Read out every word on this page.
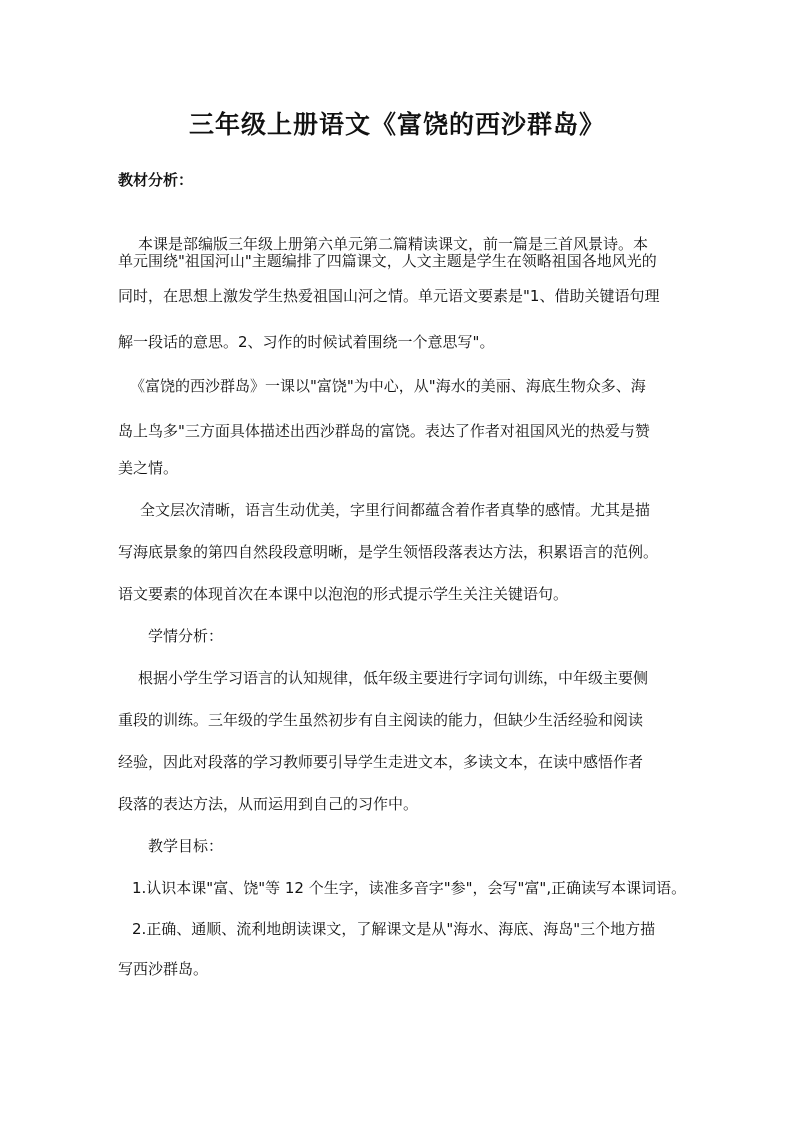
三年级上册语文《富饶的西沙群岛》

教材分析：

本课是部编版三年级上册第六单元第二篇精读课文，前一篇是三首风景诗。本

单元围绕"祖国河山"主题编排了四篇课文，人文主题是学生在领略祖国各地风光的

同时，在思想上激发学生热爱祖国山河之情。单元语文要素是"1、借助关键语句理

解一段话的意思。2、习作的时候试着围绕一个意思写"。

《富饶的西沙群岛》一课以"富饶"为中心，从"海水的美丽、海底生物众多、海

岛上鸟多"三方面具体描述出西沙群岛的富饶。表达了作者对祖国风光的热爱与赞

美之情。

全文层次清晰，语言生动优美，字里行间都蕴含着作者真挚的感情。尤其是描

写海底景象的第四自然段段意明晰，是学生领悟段落表达方法，积累语言的范例。

语文要素的体现首次在本课中以泡泡的形式提示学生关注关键语句。

学情分析：

根据小学生学习语言的认知规律，低年级主要进行字词句训练，中年级主要侧

重段的训练。三年级的学生虽然初步有自主阅读的能力，但缺少生活经验和阅读

经验，因此对段落的学习教师要引导学生走进文本，多读文本，在读中感悟作者

段落的表达方法，从而运用到自己的习作中。

教学目标：

1.认识本课"富、饶"等 12 个生字，读准多音字"参"，会写"富",正确读写本课词语。

2.正确、通顺、流利地朗读课文，了解课文是从"海水、海底、海岛"三个地方描

写西沙群岛。
